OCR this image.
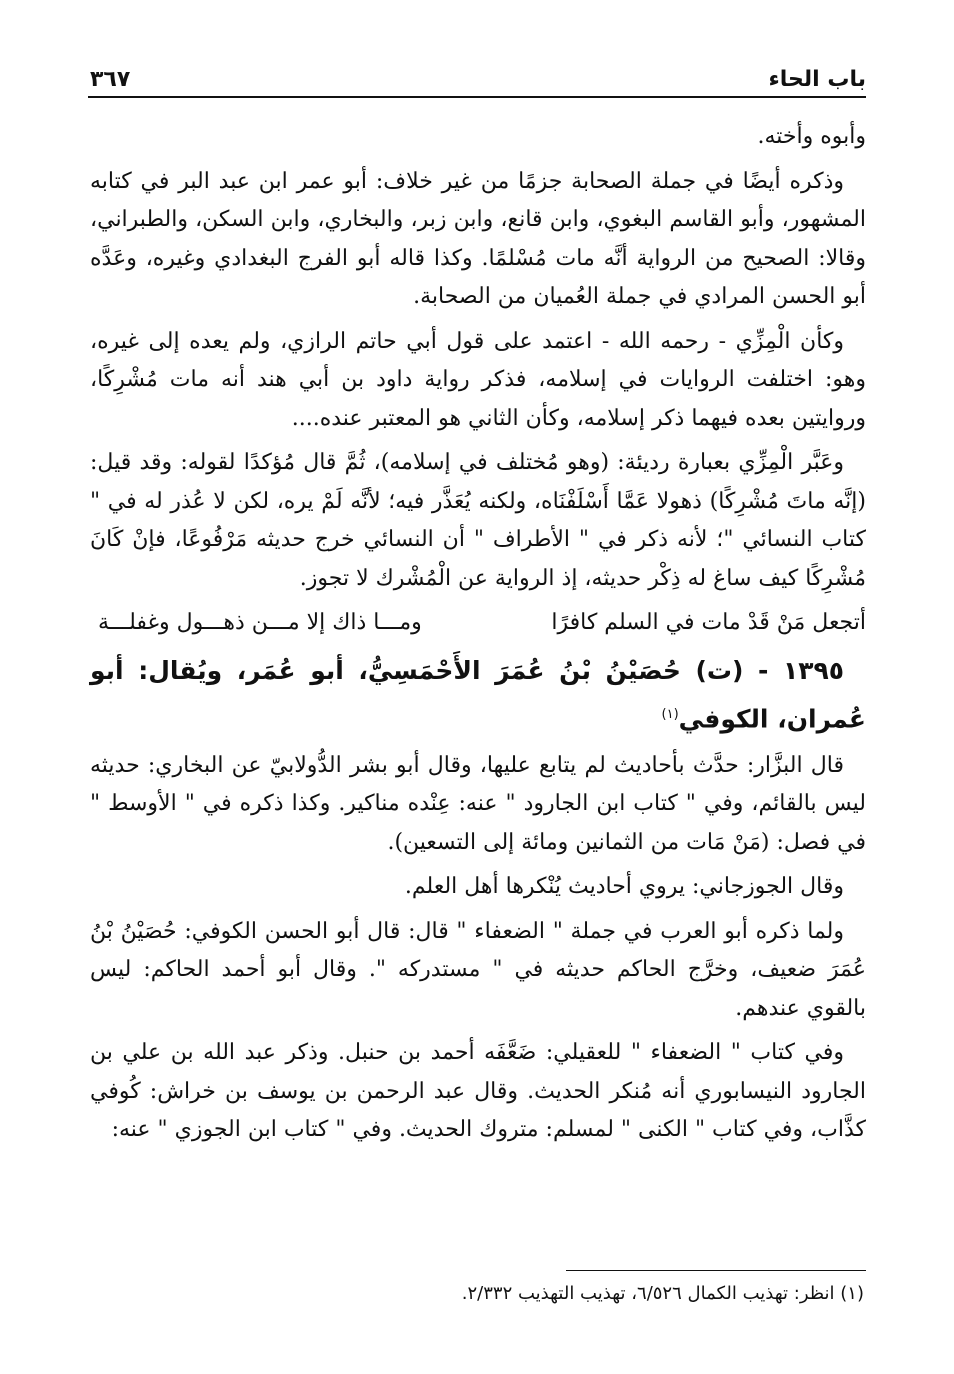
باب الحاء
٣٦٧

وأبوه وأخته.

وذكره أيضًا في جملة الصحابة جزمًا من غير خلاف: أبو عمر ابن عبد البر في كتابه المشهور، وأبو القاسم البغوي، وابن قانع، وابن زبر، والبخاري، وابن السكن، والطبراني، وقالا: الصحيح من الرواية أنَّه مات مُسْلمًا. وكذا قاله أبو الفرج البغدادي وغيره، وعَدَّه أبو الحسن المرادي في جملة العُميان من الصحابة.

وكأن الْمِزِّي - رحمه الله - اعتمد على قول أبي حاتم الرازي، ولم يعده إلى غيره، وهو: اختلفت الروايات في إسلامه، فذكر رواية داود بن أبي هند أنه مات مُشْرِكًا، وروايتين بعده فيهما ذكر إسلامه، وكأن الثاني هو المعتبر عنده....

وعَبَّر الْمِزِّي بعبارة رديئة: (وهو مُختلف في إسلامه)، ثُمَّ قال مُؤكدًا لقوله: وقد قيل: (إنَّه ماتَ مُشْرِكًا) ذهولا عَمَّا أَسْلَفْنَاه، ولكنه يُعَذَّر فيه؛ لأنَّه لَمْ يره، لكن لا عُذر له في " كتاب النسائي "؛ لأنه ذكر في " الأطراف " أن النسائي خرج حديثه مَرْفُوعًا، فإنْ كَانَ مُشْرِكًا كيف ساغ له ذِكْر حديثه، إذ الرواية عن الْمُشْرك لا تجوز.

أتجعل مَنْ قَدْ مات في السلم كافرًا
ومـــا ذاك إلا مـــن ذهـــول وغفلـــة
١٣٩٥ - (ت) حُصَيْنُ بْنُ عُمَرَ الأَحْمَسِيُّ، أبو عُمَر، ويُقال: أبو عُمران، الكوفي$^{(١)}$

قال البزَّار: حدَّث بأحاديث لم يتابع عليها، وقال أبو بشر الدُّولابيّ عن البخاري: حديثه ليس بالقائم، وفي " كتاب ابن الجارود " عنه: عِنْده مناكير. وكذا ذكره في " الأوسط " في فصل: (مَنْ مَات من الثمانين ومائة إلى التسعين).

وقال الجوزجاني: يروي أحاديث يُنْكرها أهل العلم.

ولما ذكره أبو العرب في جملة " الضعفاء " قال: قال أبو الحسن الكوفي: حُصَيْنُ بْنُ عُمَرَ ضعيف، وخرَّج الحاكم حديثه في " مستدركه ". وقال أبو أحمد الحاكم: ليس بالقوي عندهم.

وفي كتاب " الضعفاء " للعقيلي: ضَعَّفَه أحمد بن حنبل. وذكر عبد الله بن علي بن الجارود النيسابوري أنه مُنكر الحديث. وقال عبد الرحمن بن يوسف بن خراش: كُوفي كذَّاب، وفي كتاب " الكنى " لمسلم: متروك الحديث. وفي " كتاب ابن الجوزي " عنه:

(١) انظر: تهذيب الكمال ٦/٥٢٦، تهذيب التهذيب ٢/٣٣٢.
